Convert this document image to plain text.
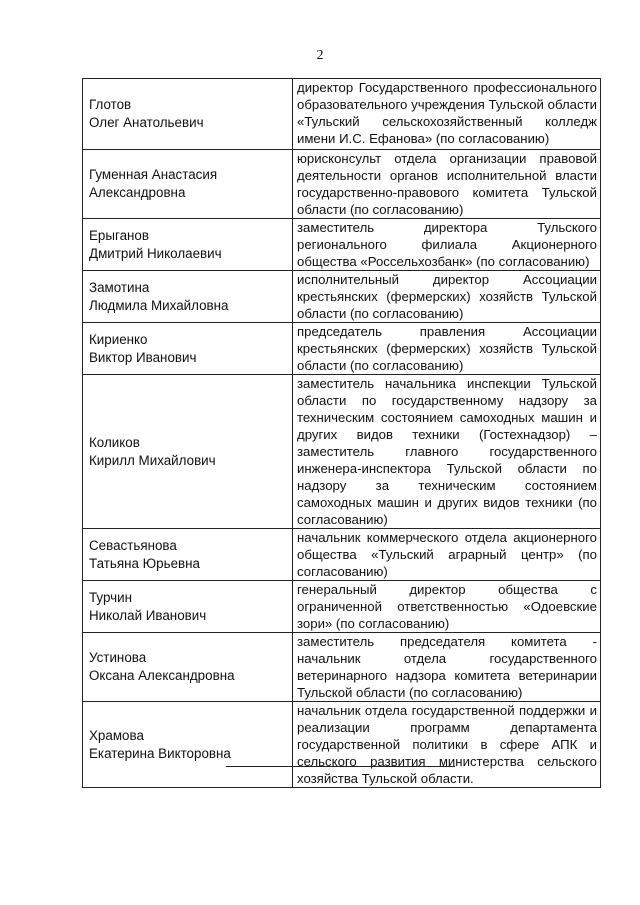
2
Глотов
Олег Анатольевич	директор Государственного профессионального образовательного учреждения Тульской области «Тульский сельскохозяйственный колледж имени И.С. Ефанова» (по согласованию)

Гуменная Анастасия
Александровна	юрисконсульт отдела организации правовой деятельности органов исполнительной власти государственно-правового комитета Тульской области (по согласованию)

Ерыганов
Дмитрий Николаевич	заместитель директора Тульского регионального филиала Акционерного общества «Россельхозбанк» (по согласованию)

Замотина
Людмила Михайловна	исполнительный директор Ассоциации крестьянских (фермерских) хозяйств Тульской области (по согласованию)

Кириенко
Виктор Иванович	председатель правления Ассоциации крестьянских (фермерских) хозяйств Тульской области (по согласованию)

Коликов
Кирилл Михайлович	заместитель начальника инспекции Тульской области по государственному надзору за техническим состоянием самоходных машин и других видов техники (Гостехнадзор) – заместитель главного государственного инженера-инспектора Тульской области по надзору за техническим состоянием самоходных машин и других видов техники (по согласованию)

Севастьянова
Татьяна Юрьевна	начальник коммерческого отдела акционерного общества «Тульский аграрный центр» (по согласованию)

Турчин
Николай Иванович	генеральный директор общества с ограниченной ответственностью «Одоевские зори» (по согласованию)

Устинова
Оксана Александровна	заместитель председателя комитета - начальник отдела государственного ветеринарного надзора комитета ветеринарии Тульской области (по согласованию)

Храмова
Екатерина Викторовна	начальник отдела государственной поддержки и реализации программ департамента государственной политики в сфере АПК и сельского развития министерства сельского хозяйства Тульской области.
